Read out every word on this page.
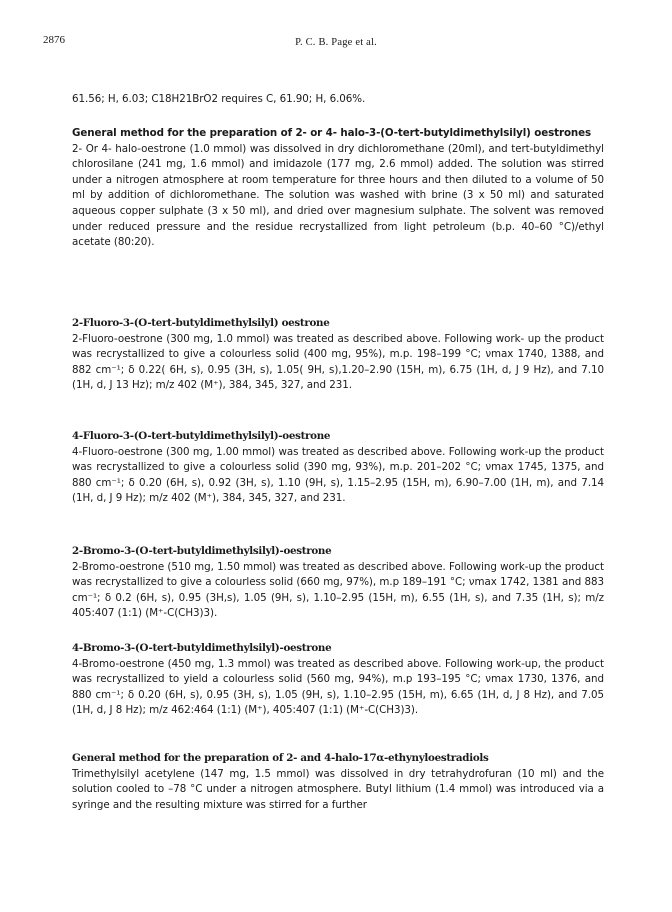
2876	P. C. B. Page et al.
61.56; H, 6.03; C18H21BrO2 requires C, 61.90; H, 6.06%.
General method for the preparation of 2- or 4- halo-3-(O-tert-butyldimethylsilyl) oestrones

2- Or 4- halo-oestrone (1.0 mmol) was dissolved in dry dichloromethane (20ml), and tert-butyldimethyl chlorosilane (241 mg, 1.6 mmol) and imidazole (177 mg, 2.6 mmol) added. The solution was stirred under a nitrogen atmosphere at room temperature for three hours and then diluted to a volume of 50 ml by addition of dichloromethane. The solution was washed with brine (3 x 50 ml) and saturated aqueous copper sulphate (3 x 50 ml), and dried over magnesium sulphate. The solvent was removed under reduced pressure and the residue recrystallized from light petroleum (b.p. 40–60 °C)/ethyl acetate (80:20).

2-Fluoro-3-(O-tert-butyldimethylsilyl) oestrone

2-Fluoro-oestrone (300 mg, 1.0 mmol) was treated as described above. Following work- up the product was recrystallized to give a colourless solid (400 mg, 95%), m.p. 198–199 °C; νmax 1740, 1388, and 882 cm⁻¹; δ 0.22( 6H, s), 0.95 (3H, s), 1.05( 9H, s),1.20–2.90 (15H, m), 6.75 (1H, d, J 9 Hz), and 7.10 (1H, d, J 13 Hz); m/z 402 (M⁺), 384, 345, 327, and 231.

4-Fluoro-3-(O-tert-butyldimethylsilyl)-oestrone

4-Fluoro-oestrone (300 mg, 1.00 mmol) was treated as described above. Following work-up the product was recrystallized to give a colourless solid (390 mg, 93%), m.p. 201–202 °C; νmax 1745, 1375, and 880 cm⁻¹; δ 0.20 (6H, s), 0.92 (3H, s), 1.10 (9H, s), 1.15–2.95 (15H, m), 6.90–7.00 (1H, m), and 7.14 (1H, d, J 9 Hz); m/z 402 (M⁺), 384, 345, 327, and 231.

2-Bromo-3-(O-tert-butyldimethylsilyl)-oestrone

2-Bromo-oestrone (510 mg, 1.50 mmol) was treated as described above. Following work-up the product was recrystallized to give a colourless solid (660 mg, 97%), m.p 189–191 °C; νmax 1742, 1381 and 883 cm⁻¹; δ 0.2 (6H, s), 0.95 (3H,s), 1.05 (9H, s), 1.10–2.95 (15H, m), 6.55 (1H, s), and 7.35 (1H, s); m/z 405:407 (1:1) (M⁺-C(CH3)3).

4-Bromo-3-(O-tert-butyldimethylsilyl)-oestrone

4-Bromo-oestrone (450 mg, 1.3 mmol) was treated as described above. Following work-up, the product was recrystallized to yield a colourless solid (560 mg, 94%), m.p 193–195 °C; νmax 1730, 1376, and 880 cm⁻¹; δ 0.20 (6H, s), 0.95 (3H, s), 1.05 (9H, s), 1.10–2.95 (15H, m), 6.65 (1H, d, J 8 Hz), and 7.05 (1H, d, J 8 Hz); m/z 462:464 (1:1) (M⁺), 405:407 (1:1) (M⁺-C(CH3)3).

General method for the preparation of 2- and 4-halo-17α-ethynyloestradiols

Trimethylsilyl acetylene (147 mg, 1.5 mmol) was dissolved in dry tetrahydrofuran (10 ml) and the solution cooled to –78 °C under a nitrogen atmosphere. Butyl lithium (1.4 mmol) was introduced via a syringe and the resulting mixture was stirred for a further
